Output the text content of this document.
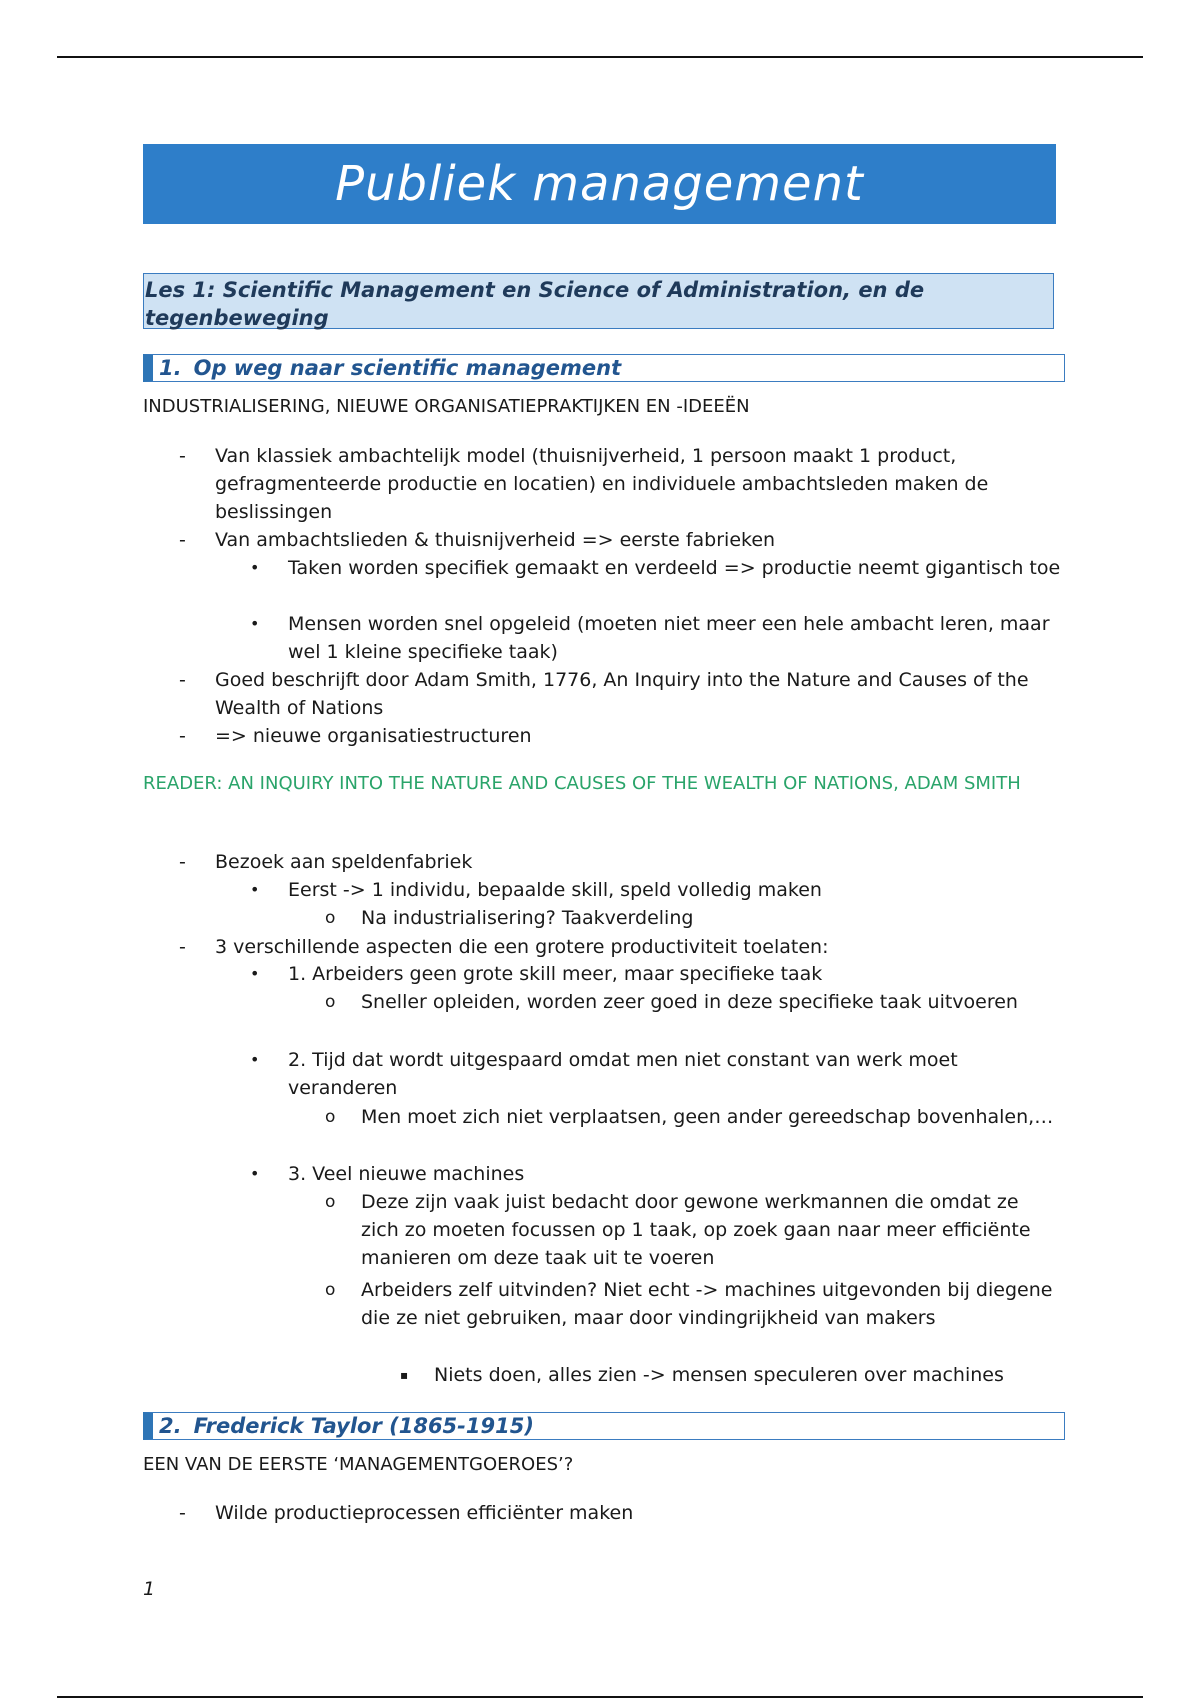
Publiek management
Les 1: Scientific Management en Science of Administration, en de tegenbeweging
1. Op weg naar scientific management
INDUSTRIALISERING, NIEUWE ORGANISATIEPRAKTIJKEN EN -IDEEËN
- Van klassiek ambachtelijk model (thuisnijverheid, 1 persoon maakt 1 product, gefragmenteerde productie en locatien) en individuele ambachtsleden maken de beslissingen
- Van ambachtslieden & thuisnijverheid => eerste fabrieken
• Taken worden specifiek gemaakt en verdeeld => productie neemt gigantisch toe
• Mensen worden snel opgeleid (moeten niet meer een hele ambacht leren, maar wel 1 kleine specifieke taak)
- Goed beschrijft door Adam Smith, 1776, An Inquiry into the Nature and Causes of the Wealth of Nations
- => nieuwe organisatiestructuren
READER: AN INQUIRY INTO THE NATURE AND CAUSES OF THE WEALTH OF NATIONS, ADAM SMITH
- Bezoek aan speldenfabriek
• Eerst -> 1 individu, bepaalde skill, speld volledig maken
o Na industrialisering? Taakverdeling
- 3 verschillende aspecten die een grotere productiviteit toelaten:
• 1. Arbeiders geen grote skill meer, maar specifieke taak
o Sneller opleiden, worden zeer goed in deze specifieke taak uitvoeren
• 2. Tijd dat wordt uitgespaard omdat men niet constant van werk moet veranderen
o Men moet zich niet verplaatsen, geen ander gereedschap bovenhalen,…
• 3. Veel nieuwe machines
o Deze zijn vaak juist bedacht door gewone werkmannen die omdat ze zich zo moeten focussen op 1 taak, op zoek gaan naar meer efficiënte manieren om deze taak uit te voeren
o Arbeiders zelf uitvinden? Niet echt -> machines uitgevonden bij diegene die ze niet gebruiken, maar door vindingrijkheid van makers
▪ Niets doen, alles zien -> mensen speculeren over machines
2. Frederick Taylor (1865-1915)
EEN VAN DE EERSTE ‘MANAGEMENTGOEROES’?
- Wilde productieprocessen efficiënter maken
1
